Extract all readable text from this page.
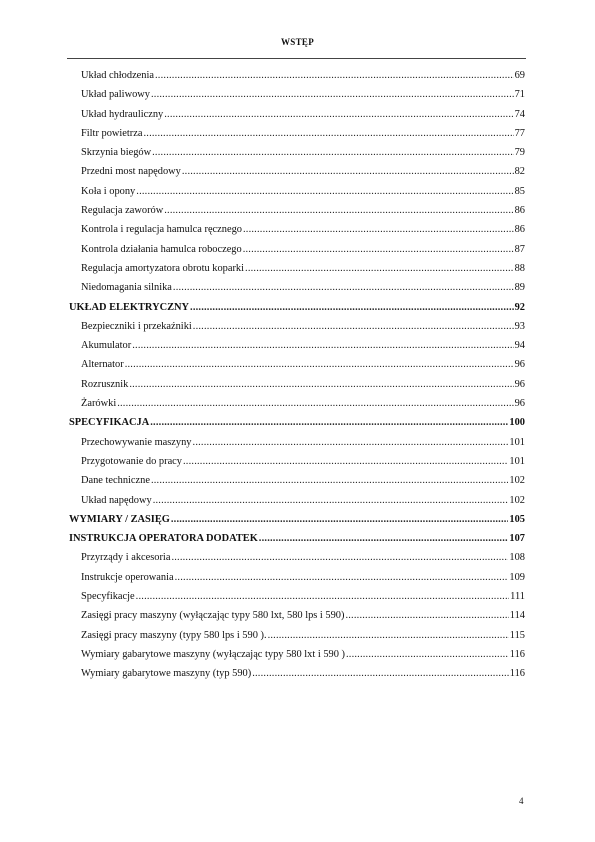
WSTĘP
Układ chłodzenia .....	69
Układ paliwowy .....	71
Układ hydrauliczny .....	74
Filtr powietrza .....	77
Skrzynia biegów .....	79
Przedni most napędowy .....	82
Koła i opony .....	85
Regulacja zaworów .....	86
Kontrola i regulacja hamulca ręcznego .....	86
Kontrola działania hamulca roboczego .....	87
Regulacja amortyzatora obrotu koparki .....	88
Niedomagania silnika .....	89
UKŁAD ELEKTRYCZNY .....	92
Bezpieczniki i przekaźniki .....	93
Akumulator .....	94
Alternator .....	96
Rozrusznik .....	96
Żarówki .....	96
SPECYFIKACJA .....	100
Przechowywanie maszyny .....	101
Przygotowanie do pracy .....	101
Dane techniczne .....	102
Układ napędowy .....	102
WYMIARY / ZASIĘG .....	105
INSTRUKCJA OPERATORA DODATEK .....	107
Przyrządy i akcesoria .....	108
Instrukcje operowania .....	109
Specyfikacje .....	111
Zasięgi pracy maszyny (wyłączając typy 580 lxt, 580 lps i 590) .....	114
Zasięgi pracy maszyny (typy 580 lps i 590 ). .....	115
Wymiary gabarytowe maszyny (wyłączając typy 580 lxt i 590 ) .....	116
Wymiary gabarytowe maszyny (typ 590) .....	116
4
